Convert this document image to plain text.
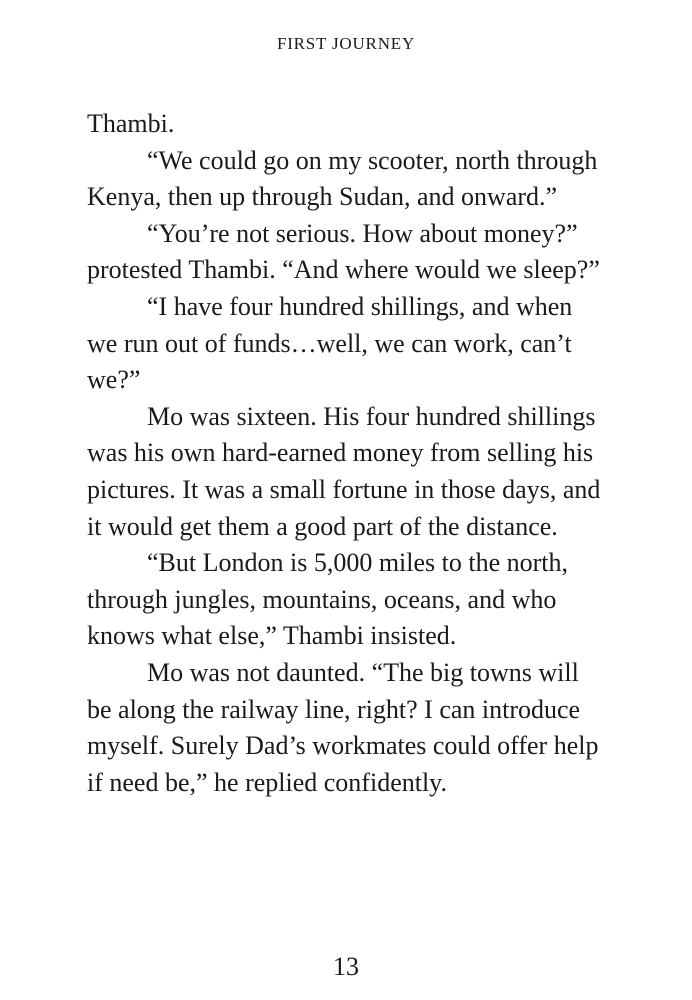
FIRST JOURNEY

Thambi.

“We could go on my scooter, north through Kenya, then up through Sudan, and onward.”

“You’re not serious. How about money?” protested Thambi. “And where would we sleep?”

“I have four hundred shillings, and when we run out of funds…well, we can work, can’t we?”

Mo was sixteen. His four hundred shillings was his own hard-earned money from selling his pictures. It was a small fortune in those days, and it would get them a good part of the distance.

“But London is 5,000 miles to the north, through jungles, mountains, oceans, and who knows what else,” Thambi insisted.

Mo was not daunted. “The big towns will be along the railway line, right? I can introduce myself. Surely Dad’s workmates could offer help if need be,” he replied confidently.

13
